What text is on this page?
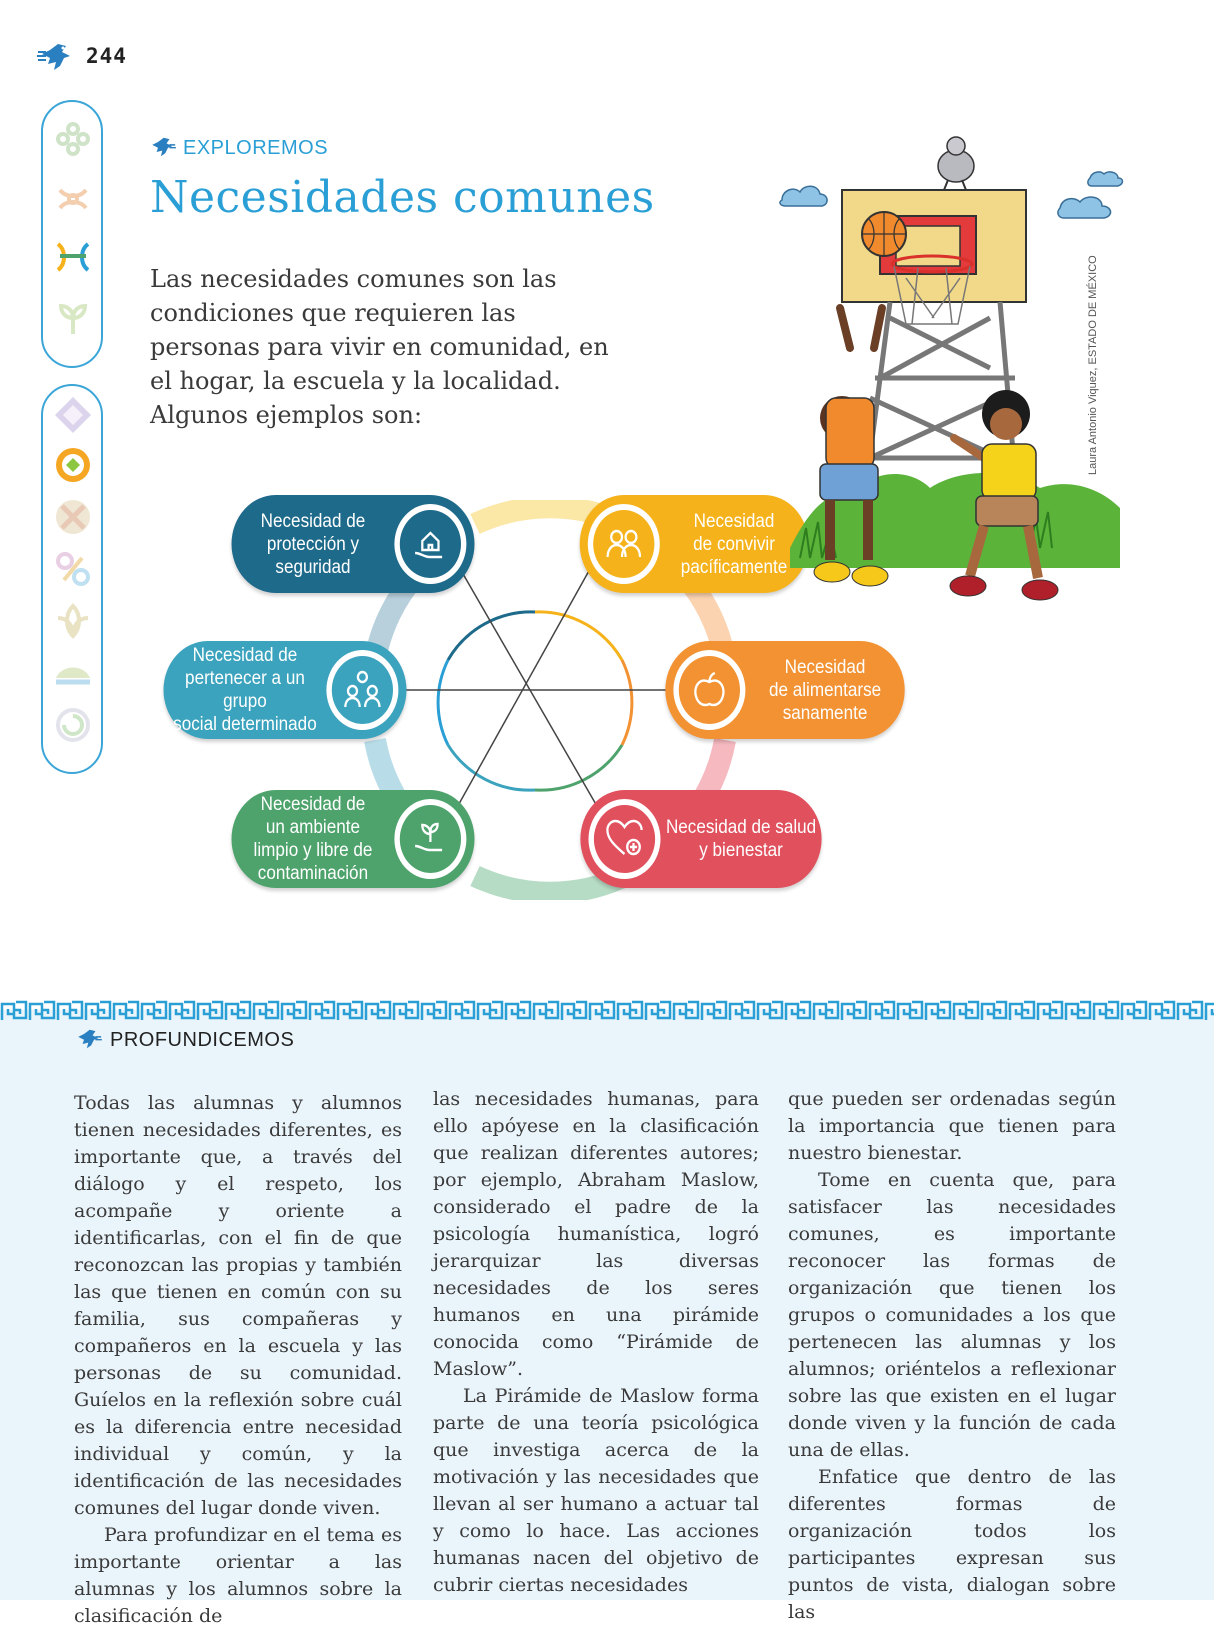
244
EXPLOREMOS
Necesidades comunes
Las necesidades comunes son las condiciones que requieren las personas para vivir en comunidad, en el hogar, la escuela y la localidad. Algunos ejemplos son:
Necesidad de
protección y
seguridad
Necesidad
de convivir
pacíficamente
Necesidad de
pertenecer a un grupo
social determinado
Necesidad
de alimentarse
sanamente
Necesidad de
un ambiente
limpio y libre de
contaminación
Necesidad de salud
y bienestar
Laura Antonio Viquez, ESTADO DE MÉXICO
PROFUNDICEMOS

Todas las alumnas y alumnos tienen necesidades diferentes, es importante que, a través del diálogo y el respeto, los acompañe y oriente a identificarlas, con el fin de que reconozcan las propias y también las que tienen en común con su familia, sus compañeras y compañeros en la escuela y las personas de su comunidad. Guíelos en la reflexión sobre cuál es la diferencia entre necesidad individual y común, y la identificación de las necesidades comunes del lugar donde viven.

Para profundizar en el tema es importante orientar a las alumnas y los alumnos sobre la clasificación de

las necesidades humanas, para ello apóyese en la clasificación que realizan diferentes autores; por ejemplo, Abraham Maslow, considerado el padre de la psicología humanística, logró jerarquizar las diversas necesidades de los seres humanos en una pirámide conocida como “Pirámide de Maslow”.

La Pirámide de Maslow forma parte de una teoría psicológica que investiga acerca de la motivación y las necesidades que llevan al ser humano a actuar tal y como lo hace. Las acciones humanas nacen del objetivo de cubrir ciertas necesidades

que pueden ser ordenadas según la importancia que tienen para nuestro bienestar.

Tome en cuenta que, para satisfacer las necesidades comunes, es importante reconocer las formas de organización que tienen los grupos o comunidades a los que pertenecen las alumnas y los alumnos; oriéntelos a reflexionar sobre las que existen en el lugar donde viven y la función de cada una de ellas.

Enfatice que dentro de las diferentes formas de organización todos los participantes expresan sus puntos de vista, dialogan sobre las
